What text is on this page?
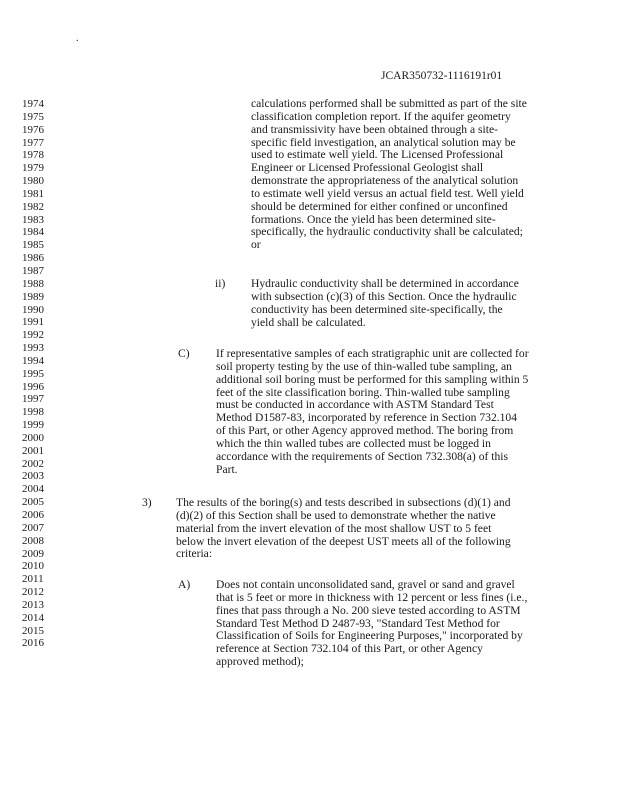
.
JCAR350732-1116191r01
1974
1975
1976
1977
1978
1979
1980
1981
1982
1983
1984
1985
1986
1987
1988
1989
1990
1991
1992
1993
1994
1995
1996
1997
1998
1999
2000
2001
2002
2003
2004
2005
2006
2007
2008
2009
2010
2011
2012
2013
2014
2015
2016
calculations performed shall be submitted as part of the site
classification completion report. If the aquifer geometry
and transmissivity have been obtained through a site-
specific field investigation, an analytical solution may be
used to estimate well yield. The Licensed Professional
Engineer or Licensed Professional Geologist shall
demonstrate the appropriateness of the analytical solution
to estimate well yield versus an actual field test. Well yield
should be determined for either confined or unconfined
formations. Once the yield has been determined site-
specifically, the hydraulic conductivity shall be calculated;
or
ii) Hydraulic conductivity shall be determined in accordance
with subsection (c)(3) of this Section. Once the hydraulic
conductivity has been determined site-specifically, the
yield shall be calculated.
C) If representative samples of each stratigraphic unit are collected for
soil property testing by the use of thin-walled tube sampling, an
additional soil boring must be performed for this sampling within 5
feet of the site classification boring. Thin-walled tube sampling
must be conducted in accordance with ASTM Standard Test
Method D1587-83, incorporated by reference in Section 732.104
of this Part, or other Agency approved method. The boring from
which the thin walled tubes are collected must be logged in
accordance with the requirements of Section 732.308(a) of this
Part.
3) The results of the boring(s) and tests described in subsections (d)(1) and
(d)(2) of this Section shall be used to demonstrate whether the native
material from the invert elevation of the most shallow UST to 5 feet
below the invert elevation of the deepest UST meets all of the following
criteria:
A) Does not contain unconsolidated sand, gravel or sand and gravel
that is 5 feet or more in thickness with 12 percent or less fines (i.e.,
fines that pass through a No. 200 sieve tested according to ASTM
Standard Test Method D 2487-93, "Standard Test Method for
Classification of Soils for Engineering Purposes," incorporated by
reference at Section 732.104 of this Part, or other Agency
approved method);
